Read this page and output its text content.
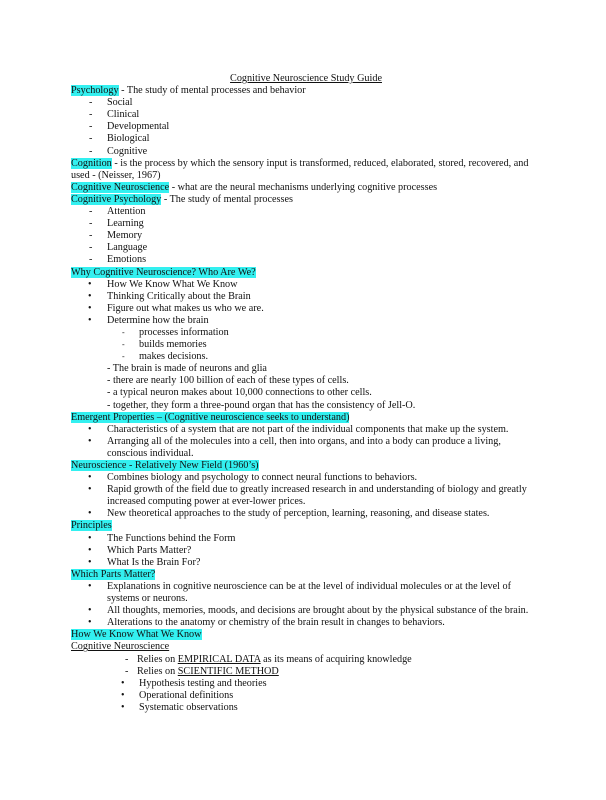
Cognitive Neuroscience Study Guide
Psychology - The study of mental processes and behavior
- Social
- Clinical
- Developmental
- Biological
- Cognitive
Cognition - is the process by which the sensory input is transformed, reduced, elaborated, stored, recovered, and used - (Neisser, 1967)
Cognitive Neuroscience - what are the neural mechanisms underlying cognitive processes
Cognitive Psychology - The study of mental processes
- Attention
- Learning
- Memory
- Language
- Emotions
Why Cognitive Neuroscience? Who Are We?
• How We Know What We Know
• Thinking Critically about the Brain
• Figure out what makes us who we are.
• Determine how the brain
- processes information
- builds memories
- makes decisions.
- The brain is made of neurons and glia
- there are nearly 100 billion of each of these types of cells.
- a typical neuron makes about 10,000 connections to other cells.
- together, they form a three-pound organ that has the consistency of Jell-O.
Emergent Properties – (Cognitive neuroscience seeks to understand)
• Characteristics of a system that are not part of the individual components that make up the system.
• Arranging all of the molecules into a cell, then into organs, and into a body can produce a living, conscious individual.
Neuroscience - Relatively New Field (1960’s)
• Combines biology and psychology to connect neural functions to behaviors.
• Rapid growth of the field due to greatly increased research in and understanding of biology and greatly increased computing power at ever-lower prices.
• New theoretical approaches to the study of perception, learning, reasoning, and disease states.
Principles
• The Functions behind the Form
• Which Parts Matter?
• What Is the Brain For?
Which Parts Matter?
• Explanations in cognitive neuroscience can be at the level of individual molecules or at the level of systems or neurons.
• All thoughts, memories, moods, and decisions are brought about by the physical substance of the brain.
• Alterations to the anatomy or chemistry of the brain result in changes to behaviors.
How We Know What We Know
Cognitive Neuroscience
- Relies on EMPIRICAL DATA as its means of acquiring knowledge
- Relies on SCIENTIFIC METHOD
• Hypothesis testing and theories
• Operational definitions
• Systematic observations
